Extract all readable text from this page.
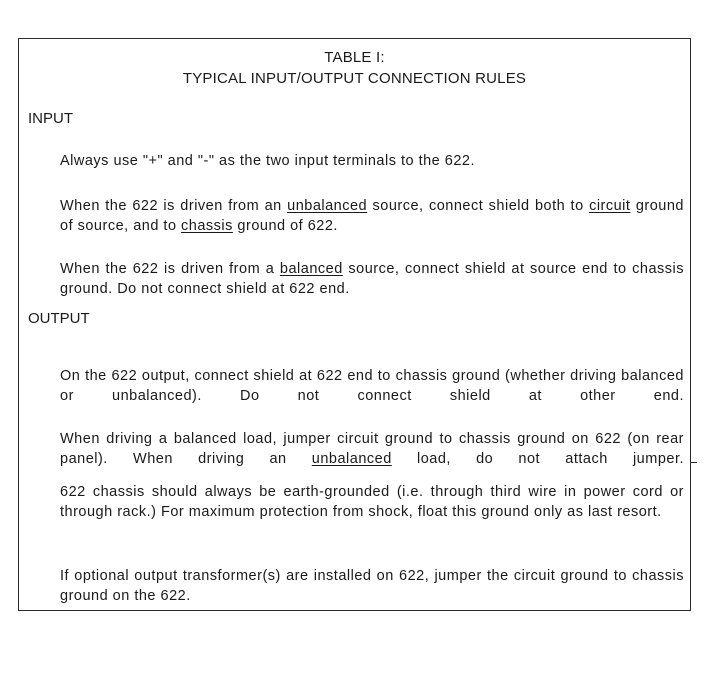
TABLE I:
TYPICAL INPUT/OUTPUT CONNECTION RULES
INPUT
Always use "+" and "-" as the two input terminals to the 622.
When the 622 is driven from an unbalanced source, connect shield both to circuit ground of source, and to chassis ground of 622.
When the 622 is driven from a balanced source, connect shield at source end to chassis ground. Do not connect shield at 622 end.
OUTPUT
On the 622 output, connect shield at 622 end to chassis ground (whether driving balanced or unbalanced). Do not connect shield at other end.
When driving a balanced load, jumper circuit ground to chassis ground on 622 (on rear panel). When driving an unbalanced load, do not attach jumper.
622 chassis should always be earth-grounded (i.e. through third wire in power cord or through rack.) For maximum protection from shock, float this ground only as last resort.
If optional output transformer(s) are installed on 622, jumper the circuit ground to chassis ground on the 622.
